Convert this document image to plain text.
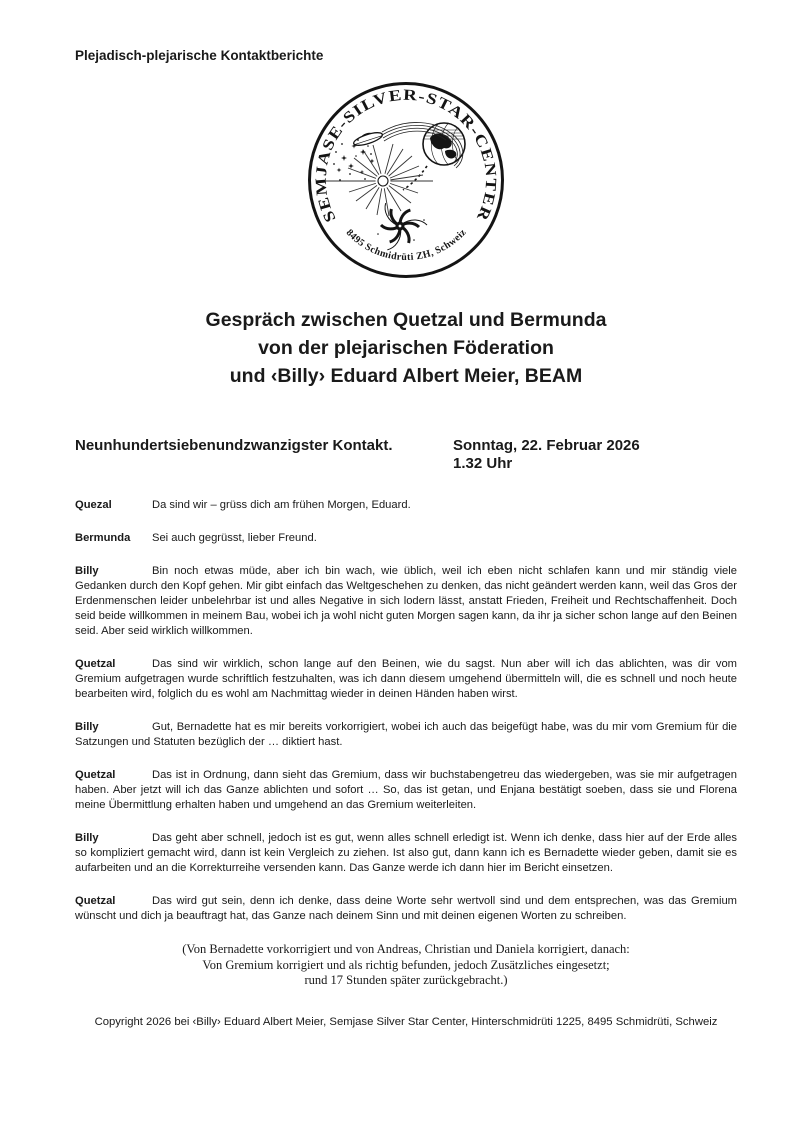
Plejadisch-plejarische Kontaktberichte
SEMJASE-SILVER-STAR-CENTER
8495 Schmidrüti ZH, Schweiz
Gespräch zwischen Quetzal und Bermunda
von der plejarischen Föderation
und ‹Billy› Eduard Albert Meier, BEAM
Neunhundertsiebenundzwanzigster Kontakt.	Sonntag, 22. Februar 2026
1.32 Uhr

Quezal	Da sind wir – grüss dich am frühen Morgen, Eduard.

Bermunda Sei auch gegrüsst, lieber Freund.

Billy	Bin noch etwas müde, aber ich bin wach, wie üblich, weil ich eben nicht schlafen kann und mir ständig viele Gedanken durch den Kopf gehen. Mir gibt einfach das Weltgeschehen zu denken, das nicht geändert werden kann, weil das Gros der Erdenmenschen leider unbelehrbar ist und alles Negative in sich lodern lässt, anstatt Frieden, Freiheit und Rechtschaffenheit. Doch seid beide willkommen in meinem Bau, wobei ich ja wohl nicht guten Morgen sagen kann, da ihr ja sicher schon lange auf den Beinen seid. Aber seid wirklich willkommen.

Quetzal	Das sind wir wirklich, schon lange auf den Beinen, wie du sagst. Nun aber will ich das ablichten, was dir vom Gremium aufgetragen wurde schriftlich festzuhalten, was ich dann diesem umgehend übermitteln will, die es schnell und noch heute bearbeiten wird, folglich du es wohl am Nachmittag wieder in deinen Händen haben wirst.

Billy	Gut, Bernadette hat es mir bereits vorkorrigiert, wobei ich auch das beigefügt habe, was du mir vom Gremium für die Satzungen und Statuten bezüglich der … diktiert hast.

Quetzal	Das ist in Ordnung, dann sieht das Gremium, dass wir buchstabengetreu das wiedergeben, was sie mir aufgetragen haben. Aber jetzt will ich das Ganze ablichten und sofort … So, das ist getan, und Enjana bestätigt soeben, dass sie und Florena meine Übermittlung erhalten haben und umgehend an das Gremium weiterleiten.

Billy	Das geht aber schnell, jedoch ist es gut, wenn alles schnell erledigt ist. Wenn ich denke, dass hier auf der Erde alles so kompliziert gemacht wird, dann ist kein Vergleich zu ziehen. Ist also gut, dann kann ich es Bernadette wieder geben, damit sie es aufarbeiten und an die Korrekturreihe versenden kann. Das Ganze werde ich dann hier im Bericht einsetzen.

Quetzal	Das wird gut sein, denn ich denke, dass deine Worte sehr wertvoll sind und dem entsprechen, was das Gremium wünscht und dich ja beauftragt hat, das Ganze nach deinem Sinn und mit deinen eigenen Worten zu schreiben.

(Von Bernadette vorkorrigiert und von Andreas, Christian und Daniela korrigiert, danach:
Von Gremium korrigiert und als richtig befunden, jedoch Zusätzliches eingesetzt;
rund 17 Stunden später zurückgebracht.)
Copyright 2026 bei ‹Billy› Eduard Albert Meier, Semjase Silver Star Center, Hinterschmidrüti 1225, 8495 Schmidrüti, Schweiz
